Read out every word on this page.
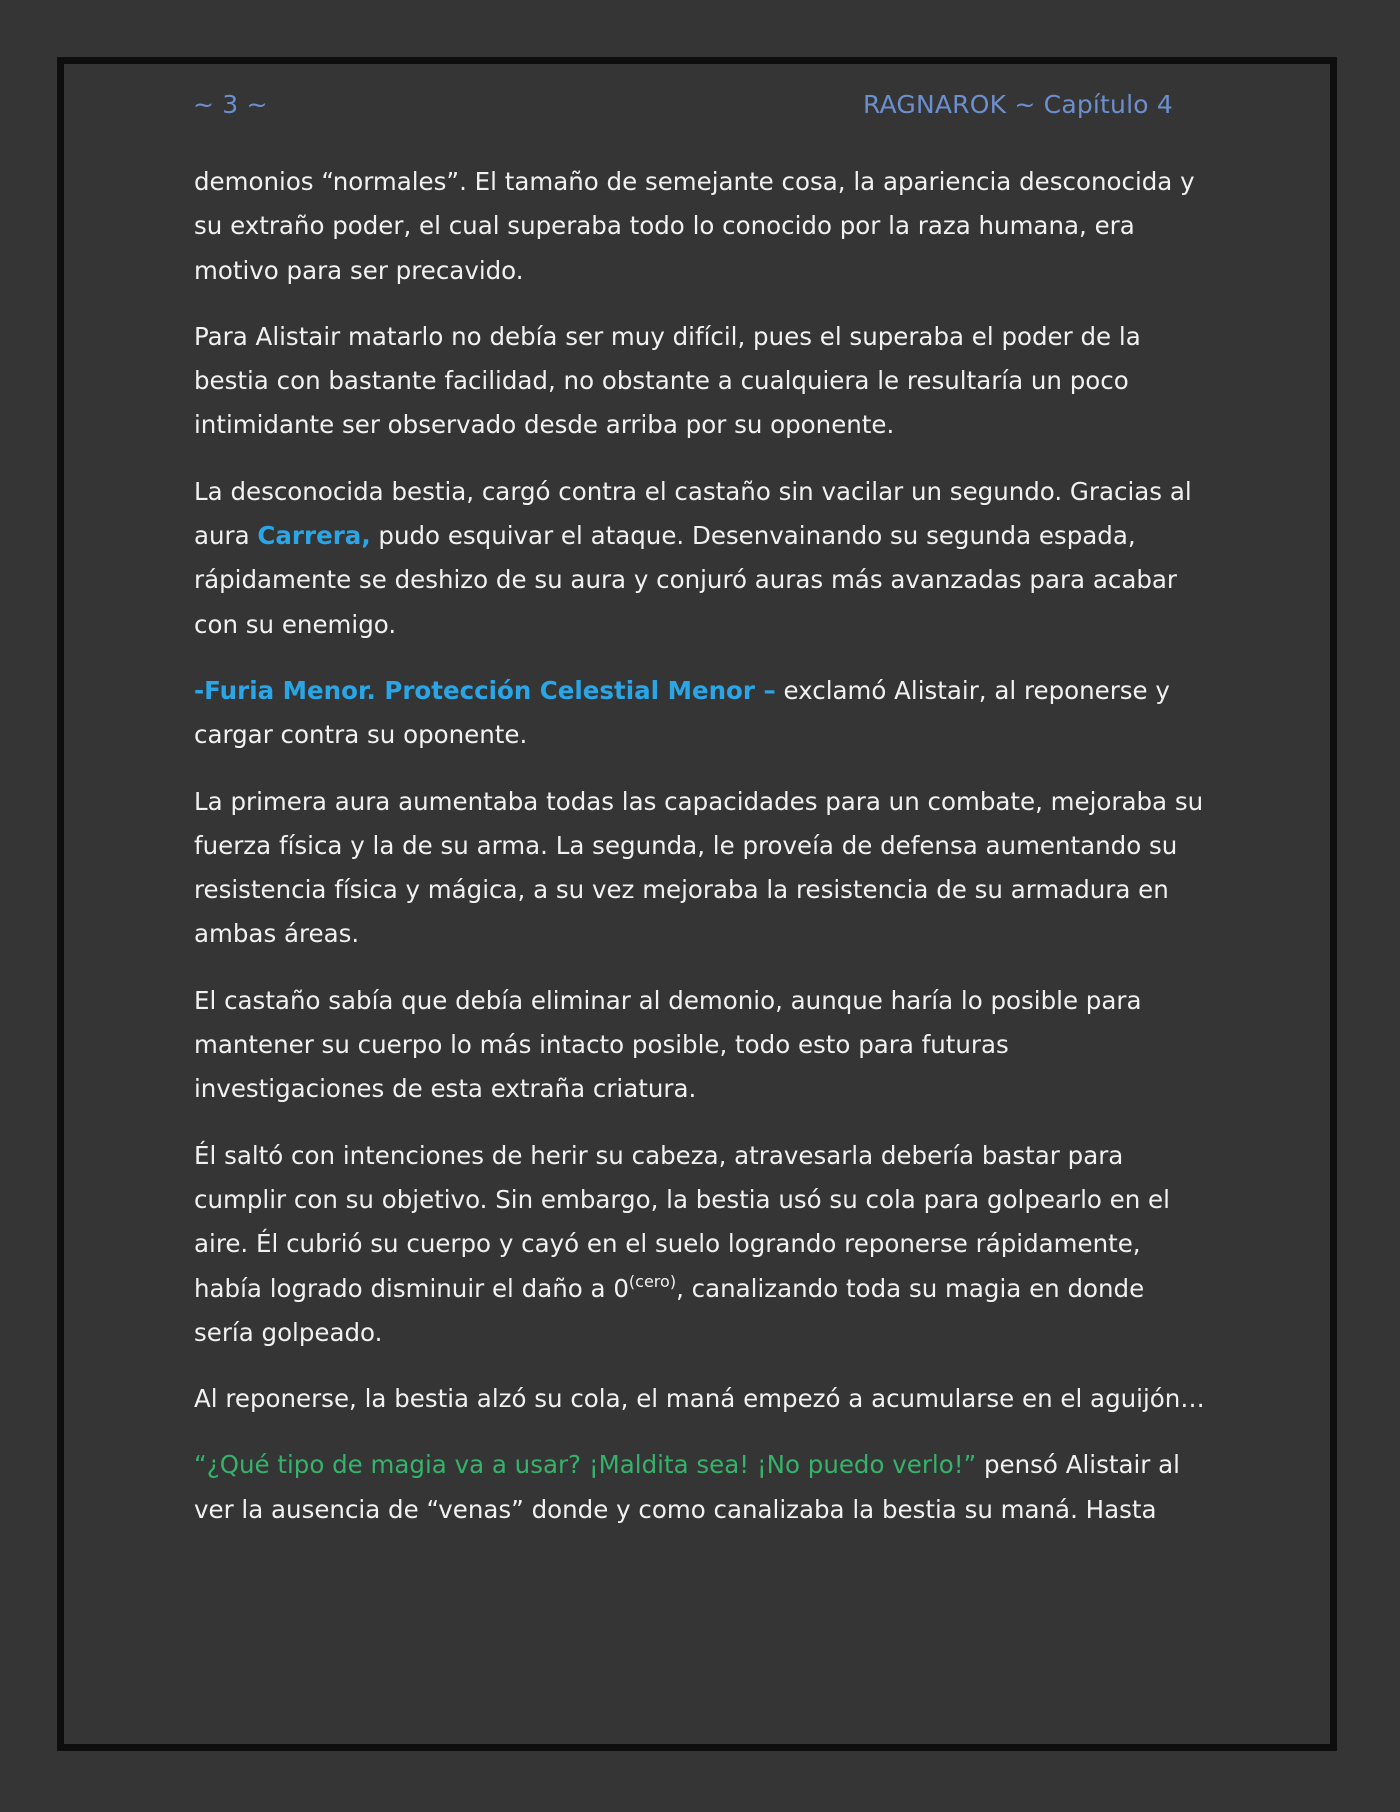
~ 3 ~	RAGNAROK ~ Capítulo 4

demonios “normales”. El tamaño de semejante cosa, la apariencia desconocida y su extraño poder, el cual superaba todo lo conocido por la raza humana, era motivo para ser precavido.

Para Alistair matarlo no debía ser muy difícil, pues el superaba el poder de la bestia con bastante facilidad, no obstante a cualquiera le resultaría un poco intimidante ser observado desde arriba por su oponente.

La desconocida bestia, cargó contra el castaño sin vacilar un segundo. Gracias al aura Carrera, pudo esquivar el ataque. Desenvainando su segunda espada, rápidamente se deshizo de su aura y conjuró auras más avanzadas para acabar con su enemigo.

-Furia Menor. Protección Celestial Menor – exclamó Alistair, al reponerse y cargar contra su oponente.

La primera aura aumentaba todas las capacidades para un combate, mejoraba su fuerza física y la de su arma. La segunda, le proveía de defensa aumentando su resistencia física y mágica, a su vez mejoraba la resistencia de su armadura en ambas áreas.

El castaño sabía que debía eliminar al demonio, aunque haría lo posible para mantener su cuerpo lo más intacto posible, todo esto para futuras investigaciones de esta extraña criatura.

Él saltó con intenciones de herir su cabeza, atravesarla debería bastar para cumplir con su objetivo. Sin embargo, la bestia usó su cola para golpearlo en el aire. Él cubrió su cuerpo y cayó en el suelo logrando reponerse rápidamente, había logrado disminuir el daño a $0^{(cero)}$, canalizando toda su magia en donde sería golpeado.

Al reponerse, la bestia alzó su cola, el maná empezó a acumularse en el aguijón…

“¿Qué tipo de magia va a usar? ¡Maldita sea! ¡No puedo verlo!” pensó Alistair al ver la ausencia de “venas” donde y como canalizaba la bestia su maná. Hasta
